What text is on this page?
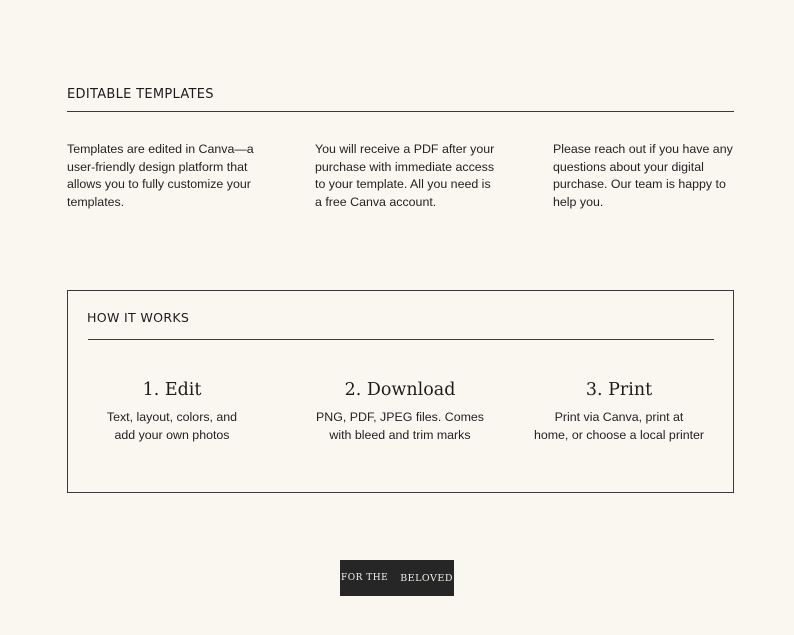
EDITABLE TEMPLATES
Templates are edited in Canva—a
user-friendly design platform that
allows you to fully customize your
templates.
You will receive a PDF after your
purchase with immediate access
to your template. All you need is
a free Canva account.
Please reach out if you have any
questions about your digital
purchase. Our team is happy to
help you.
HOW IT WORKS
1. Edit
Text, layout, colors, and
add your own photos
2. Download
PNG, PDF, JPEG files. Comes
with bleed and trim marks
3. Print
Print via Canva, print at
home, or choose a local printer
FOR THE BELOVED
